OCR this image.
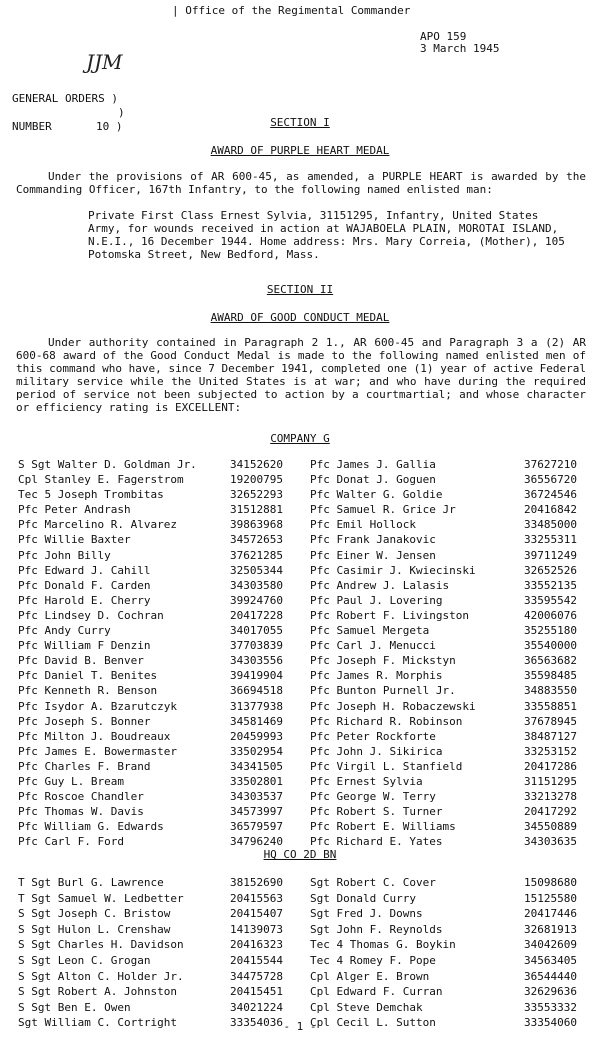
| Office of the Regimental Commander
APO 159
3 March 1945
JJM
GENERAL ORDERS )
)
NUMBER	10 )	SECTION I
AWARD OF PURPLE HEART MEDAL
Under the provisions of AR 600-45, as amended, a PURPLE HEART is awarded by the Commanding Officer, 167th Infantry, to the following named enlisted man:
Private First Class Ernest Sylvia, 31151295, Infantry, United States Army, for wounds received in action at WAJABOELA PLAIN, MOROTAI ISLAND, N.E.I., 16 December 1944. Home address: Mrs. Mary Correia, (Mother), 105 Potomska Street, New Bedford, Mass.
SECTION II
AWARD OF GOOD CONDUCT MEDAL
Under authority contained in Paragraph 2 1., AR 600-45 and Paragraph 3 a (2) AR 600-68 award of the Good Conduct Medal is made to the following named enlisted men of this command who have, since 7 December 1941, completed one (1) year of active Federal military service while the United States is at war; and who have during the required period of service not been subjected to action by a courtmartial; and whose character or efficiency rating is EXCELLENT:
COMPANY G
S Sgt Walter D. Goldman Jr.	34152620 Pfc James J. Gallia	37627210
Cpl Stanley E. Fagerstrom	19200795 Pfc Donat J. Goguen	36556720
Tec 5 Joseph Trombitas	32652293 Pfc Walter G. Goldie	36724546
Pfc Peter Andrash	31512881 Pfc Samuel R. Grice Jr	20416842
Pfc Marcelino R. Alvarez	39863968 Pfc Emil Hollock	33485000
Pfc Willie Baxter	34572653 Pfc Frank Janakovic	33255311
Pfc John Billy	37621285 Pfc Einer W. Jensen	39711249
Pfc Edward J. Cahill	32505344 Pfc Casimir J. Kwiecinski	32652526
Pfc Donald F. Carden	34303580 Pfc Andrew J. Lalasis	33552135
Pfc Harold E. Cherry	39924760 Pfc Paul J. Lovering	33595542
Pfc Lindsey D. Cochran	20417228 Pfc Robert F. Livingston	42006076
Pfc Andy Curry	34017055 Pfc Samuel Mergeta	35255180
Pfc William F Denzin	37703839 Pfc Carl J. Menucci	35540000
Pfc David B. Benver	34303556 Pfc Joseph F. Mickstyn	36563682
Pfc Daniel T. Benites	39419904 Pfc James R. Morphis	35598485
Pfc Kenneth R. Benson	36694518 Pfc Bunton Purnell Jr.	34883550
Pfc Isydor A. Bzarutczyk	31377938 Pfc Joseph H. Robaczewski	33558851
Pfc Joseph S. Bonner	34581469 Pfc Richard R. Robinson	37678945
Pfc Milton J. Boudreaux	20459993 Pfc Peter Rockforte	38487127
Pfc James E. Bowermaster	33502954 Pfc John J. Sikirica	33253152
Pfc Charles F. Brand	34341505 Pfc Virgil L. Stanfield	20417286
Pfc Guy L. Bream	33502801 Pfc Ernest Sylvia	31151295
Pfc Roscoe Chandler	34303537 Pfc George W. Terry	33213278
Pfc Thomas W. Davis	34573997 Pfc Robert S. Turner	20417292
Pfc William G. Edwards	36579597 Pfc Robert E. Williams	34550889
Pfc Carl F. Ford	34796240 Pfc Richard E. Yates	34303635
HQ CO 2D BN
T Sgt Burl G. Lawrence	38152690 Sgt Robert C. Cover	15098680
T Sgt Samuel W. Ledbetter	20415563 Sgt Donald Curry	15125580
S Sgt Joseph C. Bristow	20415407 Sgt Fred J. Downs	20417446
S Sgt Hulon L. Crenshaw	14139073 Sgt John F. Reynolds	32681913
S Sgt Charles H. Davidson	20416323 Tec 4 Thomas G. Boykin	34042609
S Sgt Leon C. Grogan	20415544 Tec 4 Romey F. Pope	34563405
S Sgt Alton C. Holder Jr.	34475728 Cpl Alger E. Brown	36544440
S Sgt Robert A. Johnston	20415451 Cpl Edward F. Curran	32629636
S Sgt Ben E. Owen	34021224 Cpl Steve Demchak	33553332
Sgt William C. Cortright	33354036 Cpl Cecil L. Sutton	33354060
- 1 -
